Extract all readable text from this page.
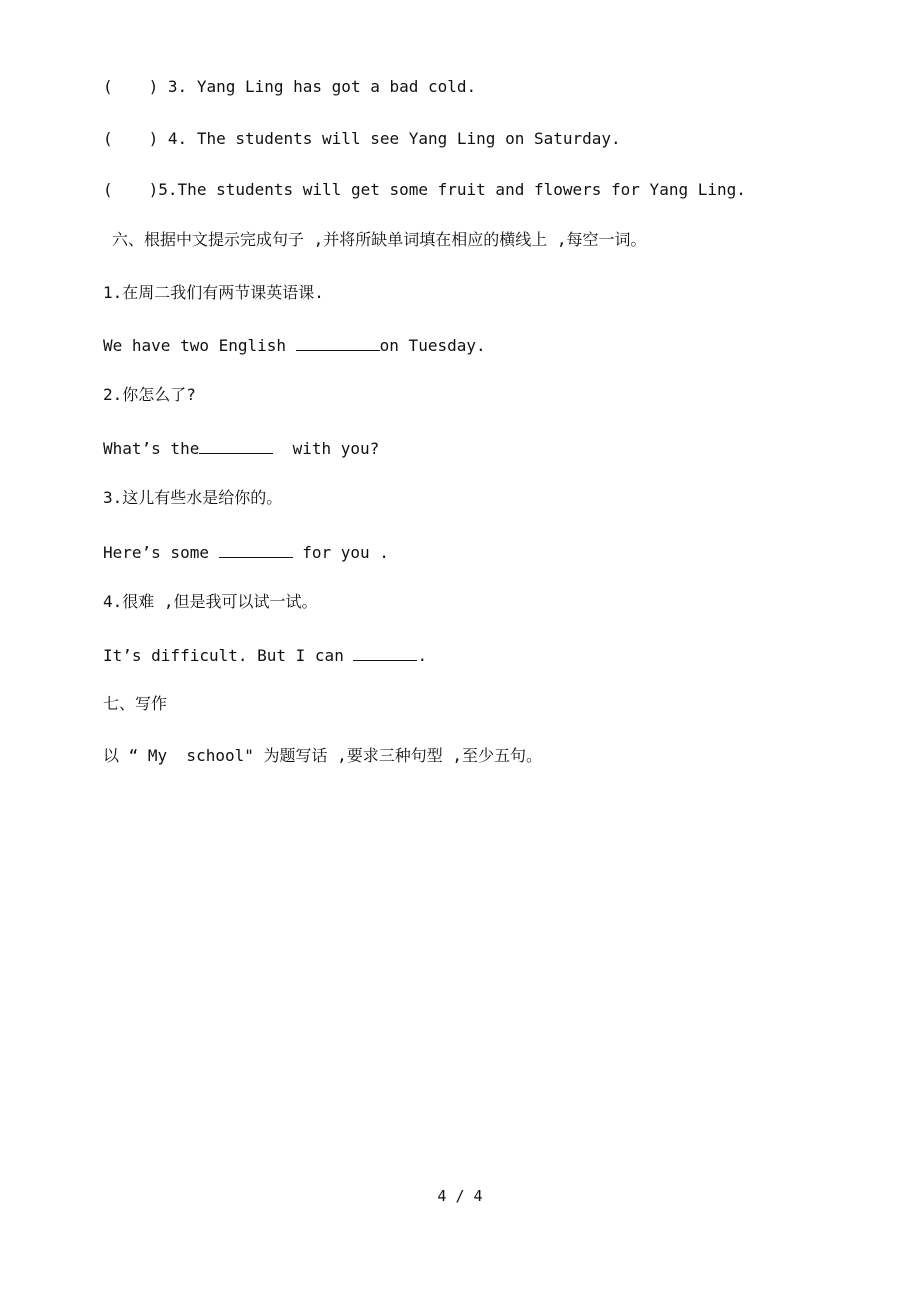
( ) 3. Yang Ling has got a bad cold.
( ) 4. The students will see Yang Ling on Saturday.
( )5.The students will get some fruit and flowers for Yang Ling.
六、根据中文提示完成句子 ,并将所缺单词填在相应的横线上 ,每空一词。
1.在周二我们有两节课英语课.
We have two English	on Tuesday.
2.你怎么了?
What’s the	with you?
3.这儿有些水是给你的。
Here’s some	for you .
4.很难 ,但是我可以试一试。
It’s difficult. But I can	.
七、写作
以 “ My  school" 为题写话 ,要求三种句型 ,至少五句。
4 / 4
